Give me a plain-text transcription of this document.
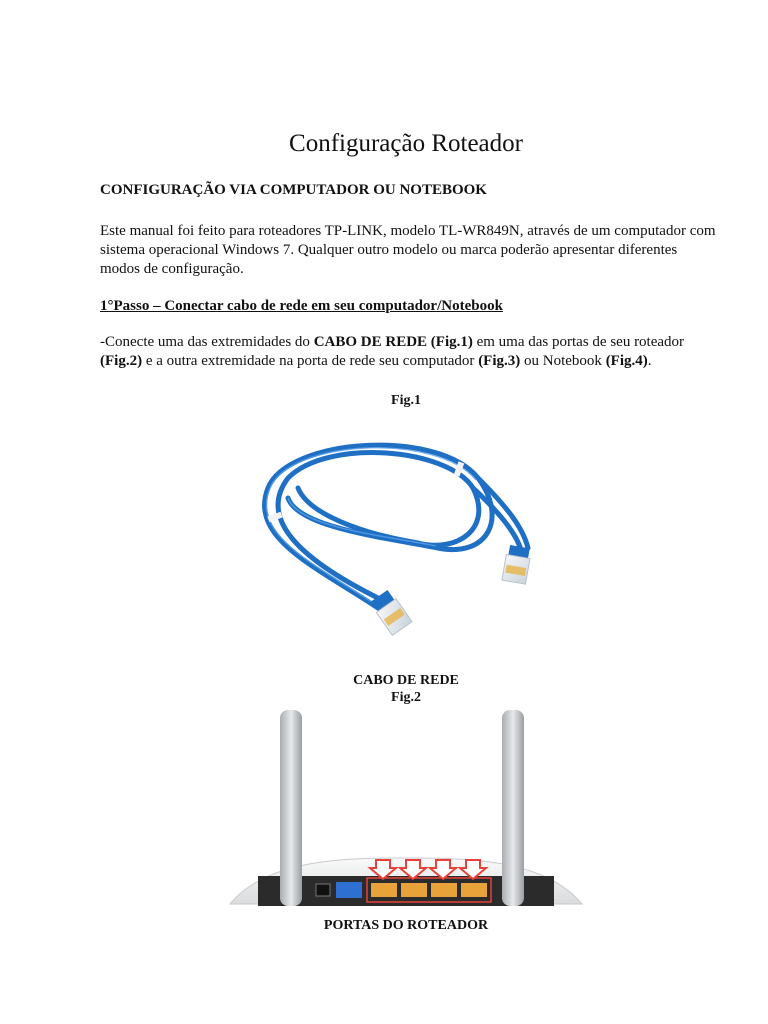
Configuração Roteador
CONFIGURAÇÃO VIA COMPUTADOR OU NOTEBOOK
Este manual foi feito para roteadores TP-LINK, modelo TL-WR849N, através de um computador com sistema operacional Windows 7. Qualquer outro modelo ou marca poderão apresentar diferentes modos de configuração.
1°Passo – Conectar cabo de rede em seu computador/Notebook
-Conecte uma das extremidades do CABO DE REDE (Fig.1) em uma das portas de seu roteador (Fig.2) e a outra extremidade na porta de rede seu computador (Fig.3) ou Notebook (Fig.4).
Fig.1
CABO DE REDE
Fig.2
PORTAS DO ROTEADOR
